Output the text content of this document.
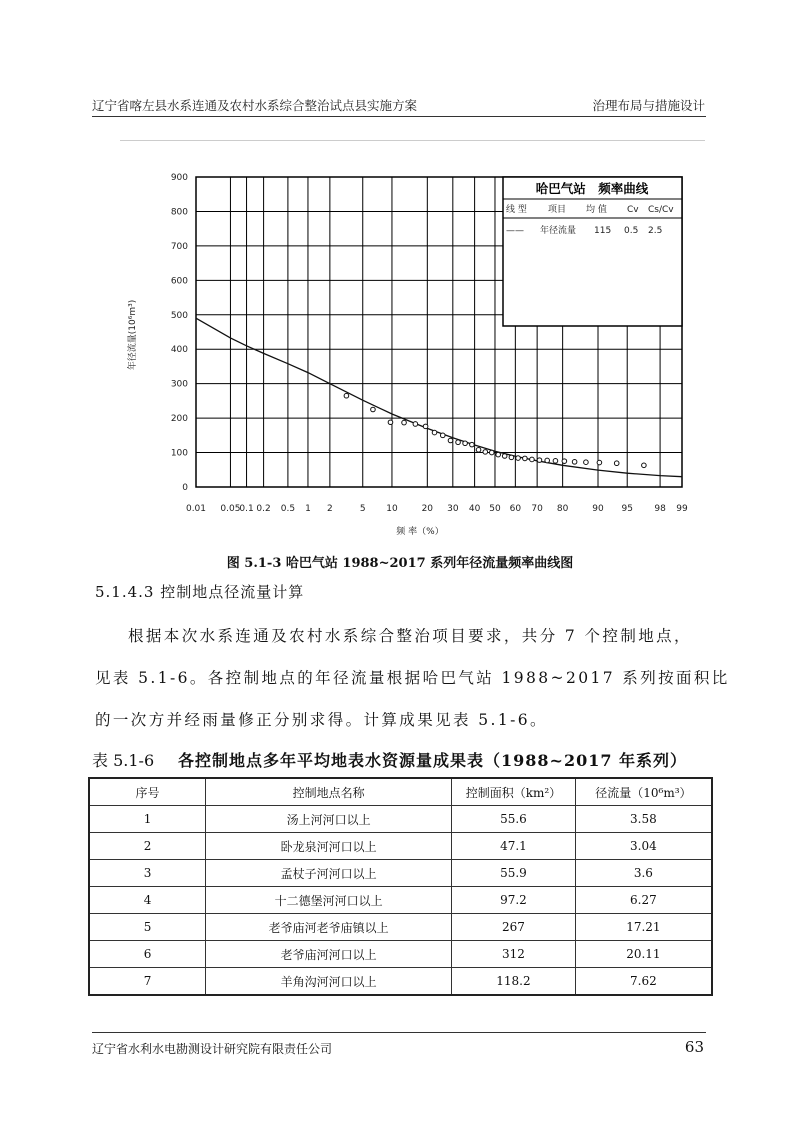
辽宁省喀左县水系连通及农村水系综合整治试点县实施方案	治理布局与措施设计
0
100
200
300
400
500
600
700
800
900
0.01 0.05
0.1 0.2 0.5 1 2	5 10	20 30 40 50 60 70 80	90 95 98 99
年径流量(10⁶m³)
频 率（%）
哈巴气站　频率曲线
线 型 项目 均 值 Cv Cs/Cv
—— 年径流量 115 0.5 2.5
图 5.1-3 哈巴气站 1988~2017 系列年径流量频率曲线图
5.1.4.3 控制地点径流量计算
根据本次水系连通及农村水系综合整治项目要求，共分 7 个控制地点，
见表 5.1-6。各控制地点的年径流量根据哈巴气站 1988~2017 系列按面积比
的一次方并经雨量修正分别求得。计算成果见表 5.1-6。
表 5.1-6 各控制地点多年平均地表水资源量成果表（1988~2017 年系列）
序号	控制地点名称	控制面积（km²）	径流量（10⁶m³）
1	汤上河河口以上	55.6	3.58
2	卧龙泉河河口以上	47.1	3.04
3	孟杖子河河口以上	55.9	3.6
4	十二德堡河河口以上	97.2	6.27
5	老爷庙河老爷庙镇以上	267	17.21
6	老爷庙河河口以上	312	20.11
7	羊角沟河河口以上	118.2	7.62
辽宁省水利水电勘测设计研究院有限责任公司	63
